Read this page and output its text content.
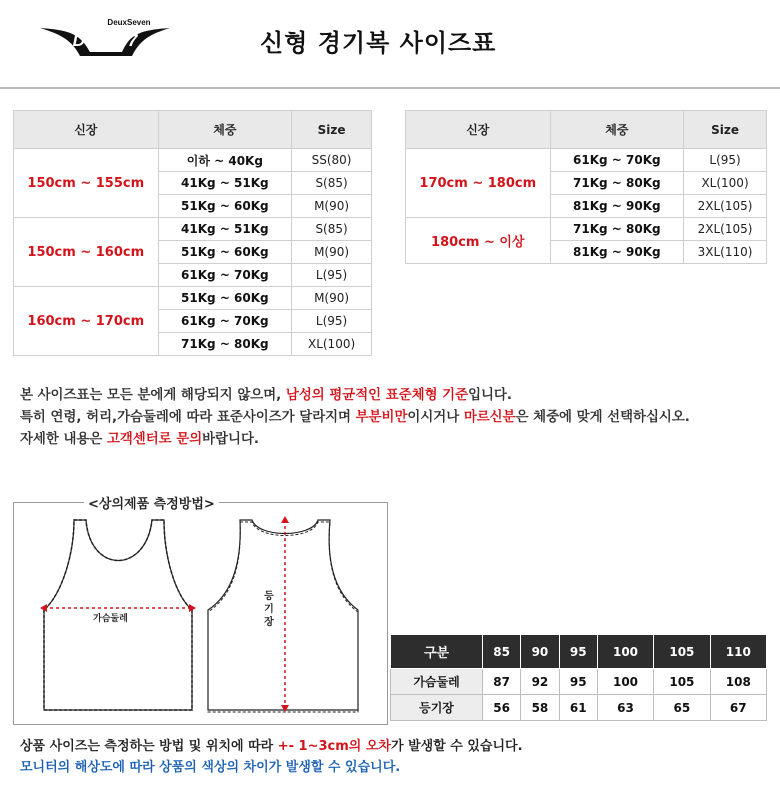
DeuxSeven
DEUX7	신형 경기복 사이즈표
신장	체중	Size
150cm ~ 155cm	이하 ~ 40Kg	SS(80)
	41Kg ~ 51Kg	S(85)
	51Kg ~ 60Kg	M(90)
150cm ~ 160cm	41Kg ~ 51Kg	S(85)
	51Kg ~ 60Kg	M(90)
	61Kg ~ 70Kg	L(95)
160cm ~ 170cm	51Kg ~ 60Kg	M(90)
	61Kg ~ 70Kg	L(95)
	71Kg ~ 80Kg	XL(100)
신장	체중	Size
170cm ~ 180cm	61Kg ~ 70Kg	L(95)
	71Kg ~ 80Kg	XL(100)
	81Kg ~ 90Kg	2XL(105)
180cm ~ 이상	71Kg ~ 80Kg	2XL(105)
	81Kg ~ 90Kg	3XL(110)
본 사이즈표는 모든 분에게 해당되지 않으며, 남성의 평균적인 표준체형 기준입니다.
특히 연령, 허리,가슴둘레에 따라 표준사이즈가 달라지며 부분비만이시거나 마르신분은 체중에 맞게 선택하십시오.
자세한 내용은 고객센터로 문의바랍니다.
<상의제품 측정방법>
가슴둘레
등
기
장
구분	85	90	95	100	105	110
가슴둘레	87	92	95	100	105	108
등기장	56	58	61	63	65	67
상품 사이즈는 측정하는 방법 및 위치에 따라 +- 1~3cm의 오차가 발생할 수 있습니다.
모니터의 해상도에 따라 상품의 색상의 차이가 발생할 수 있습니다.
